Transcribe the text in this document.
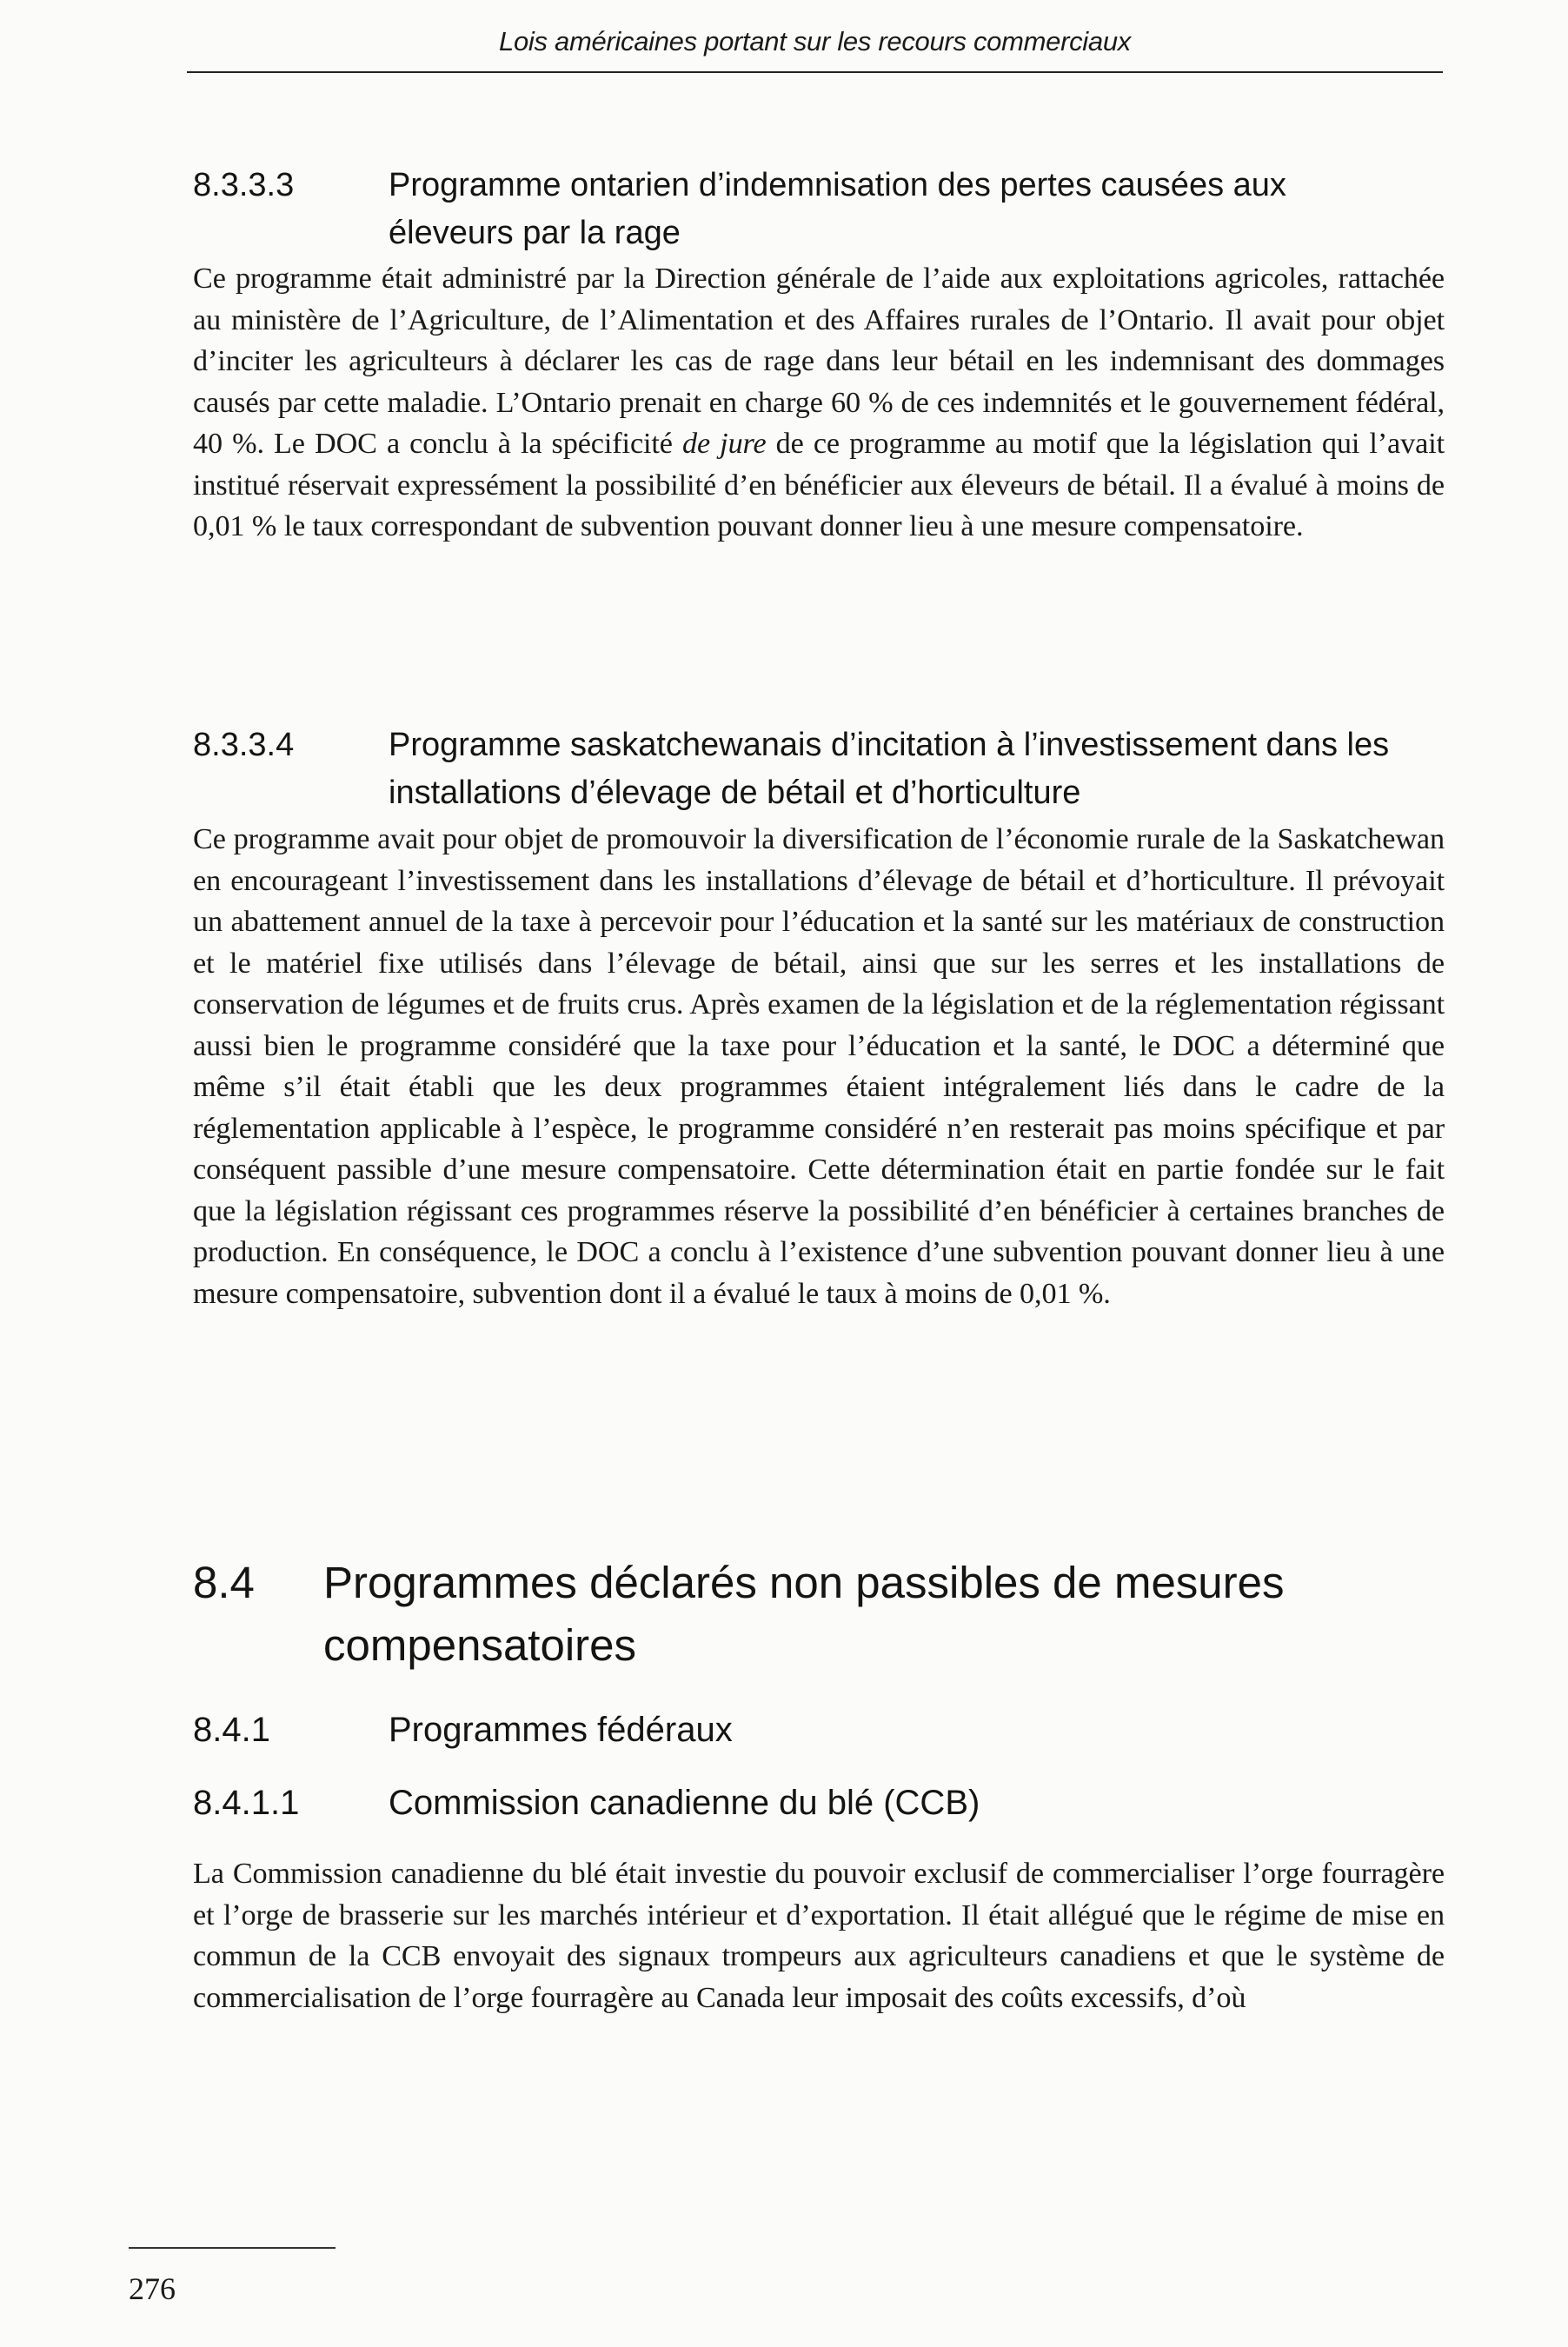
Lois américaines portant sur les recours commerciaux
8.3.3.3	Programme ontarien d’indemnisation des pertes causées aux éleveurs par la rage

Ce programme était administré par la Direction générale de l’aide aux exploitations agricoles, rattachée au ministère de l’Agriculture, de l’Alimentation et des Affaires rurales de l’Ontario. Il avait pour objet d’inciter les agriculteurs à déclarer les cas de rage dans leur bétail en les indemnisant des dommages causés par cette maladie. L’Ontario prenait en charge 60 % de ces indemnités et le gouvernement fédéral, 40 %. Le DOC a conclu à la spécificité de jure de ce programme au motif que la législation qui l’avait institué réservait expressément la possibilité d’en bénéficier aux éleveurs de bétail. Il a évalué à moins de 0,01 % le taux correspondant de subvention pouvant donner lieu à une mesure compensatoire.

8.3.3.4	Programme saskatchewanais d’incitation à l’investissement dans les installations d’élevage de bétail et d’horticulture

Ce programme avait pour objet de promouvoir la diversification de l’économie rurale de la Saskatchewan en encourageant l’investissement dans les installations d’élevage de bétail et d’horticulture. Il prévoyait un abattement annuel de la taxe à percevoir pour l’éducation et la santé sur les matériaux de construction et le matériel fixe utilisés dans l’élevage de bétail, ainsi que sur les serres et les installations de conservation de légumes et de fruits crus. Après examen de la législation et de la réglementation régissant aussi bien le programme considéré que la taxe pour l’éducation et la santé, le DOC a déterminé que même s’il était établi que les deux programmes étaient intégralement liés dans le cadre de la réglementation applicable à l’espèce, le programme considéré n’en resterait pas moins spécifique et par conséquent passible d’une mesure compensatoire. Cette détermination était en partie fondée sur le fait que la législation régissant ces programmes réserve la possibilité d’en bénéficier à certaines branches de production. En conséquence, le DOC a conclu à l’existence d’une subvention pouvant donner lieu à une mesure compensatoire, subvention dont il a évalué le taux à moins de 0,01 %.

8.4 Programmes déclarés non passibles de mesures compensatoires
8.4.1	Programmes fédéraux
8.4.1.1	Commission canadienne du blé (CCB)

La Commission canadienne du blé était investie du pouvoir exclusif de commercialiser l’orge fourragère et l’orge de brasserie sur les marchés intérieur et d’exportation. Il était allégué que le régime de mise en commun de la CCB envoyait des signaux trompeurs aux agriculteurs canadiens et que le système de commercialisation de l’orge fourragère au Canada leur imposait des coûts excessifs, d’où

276
